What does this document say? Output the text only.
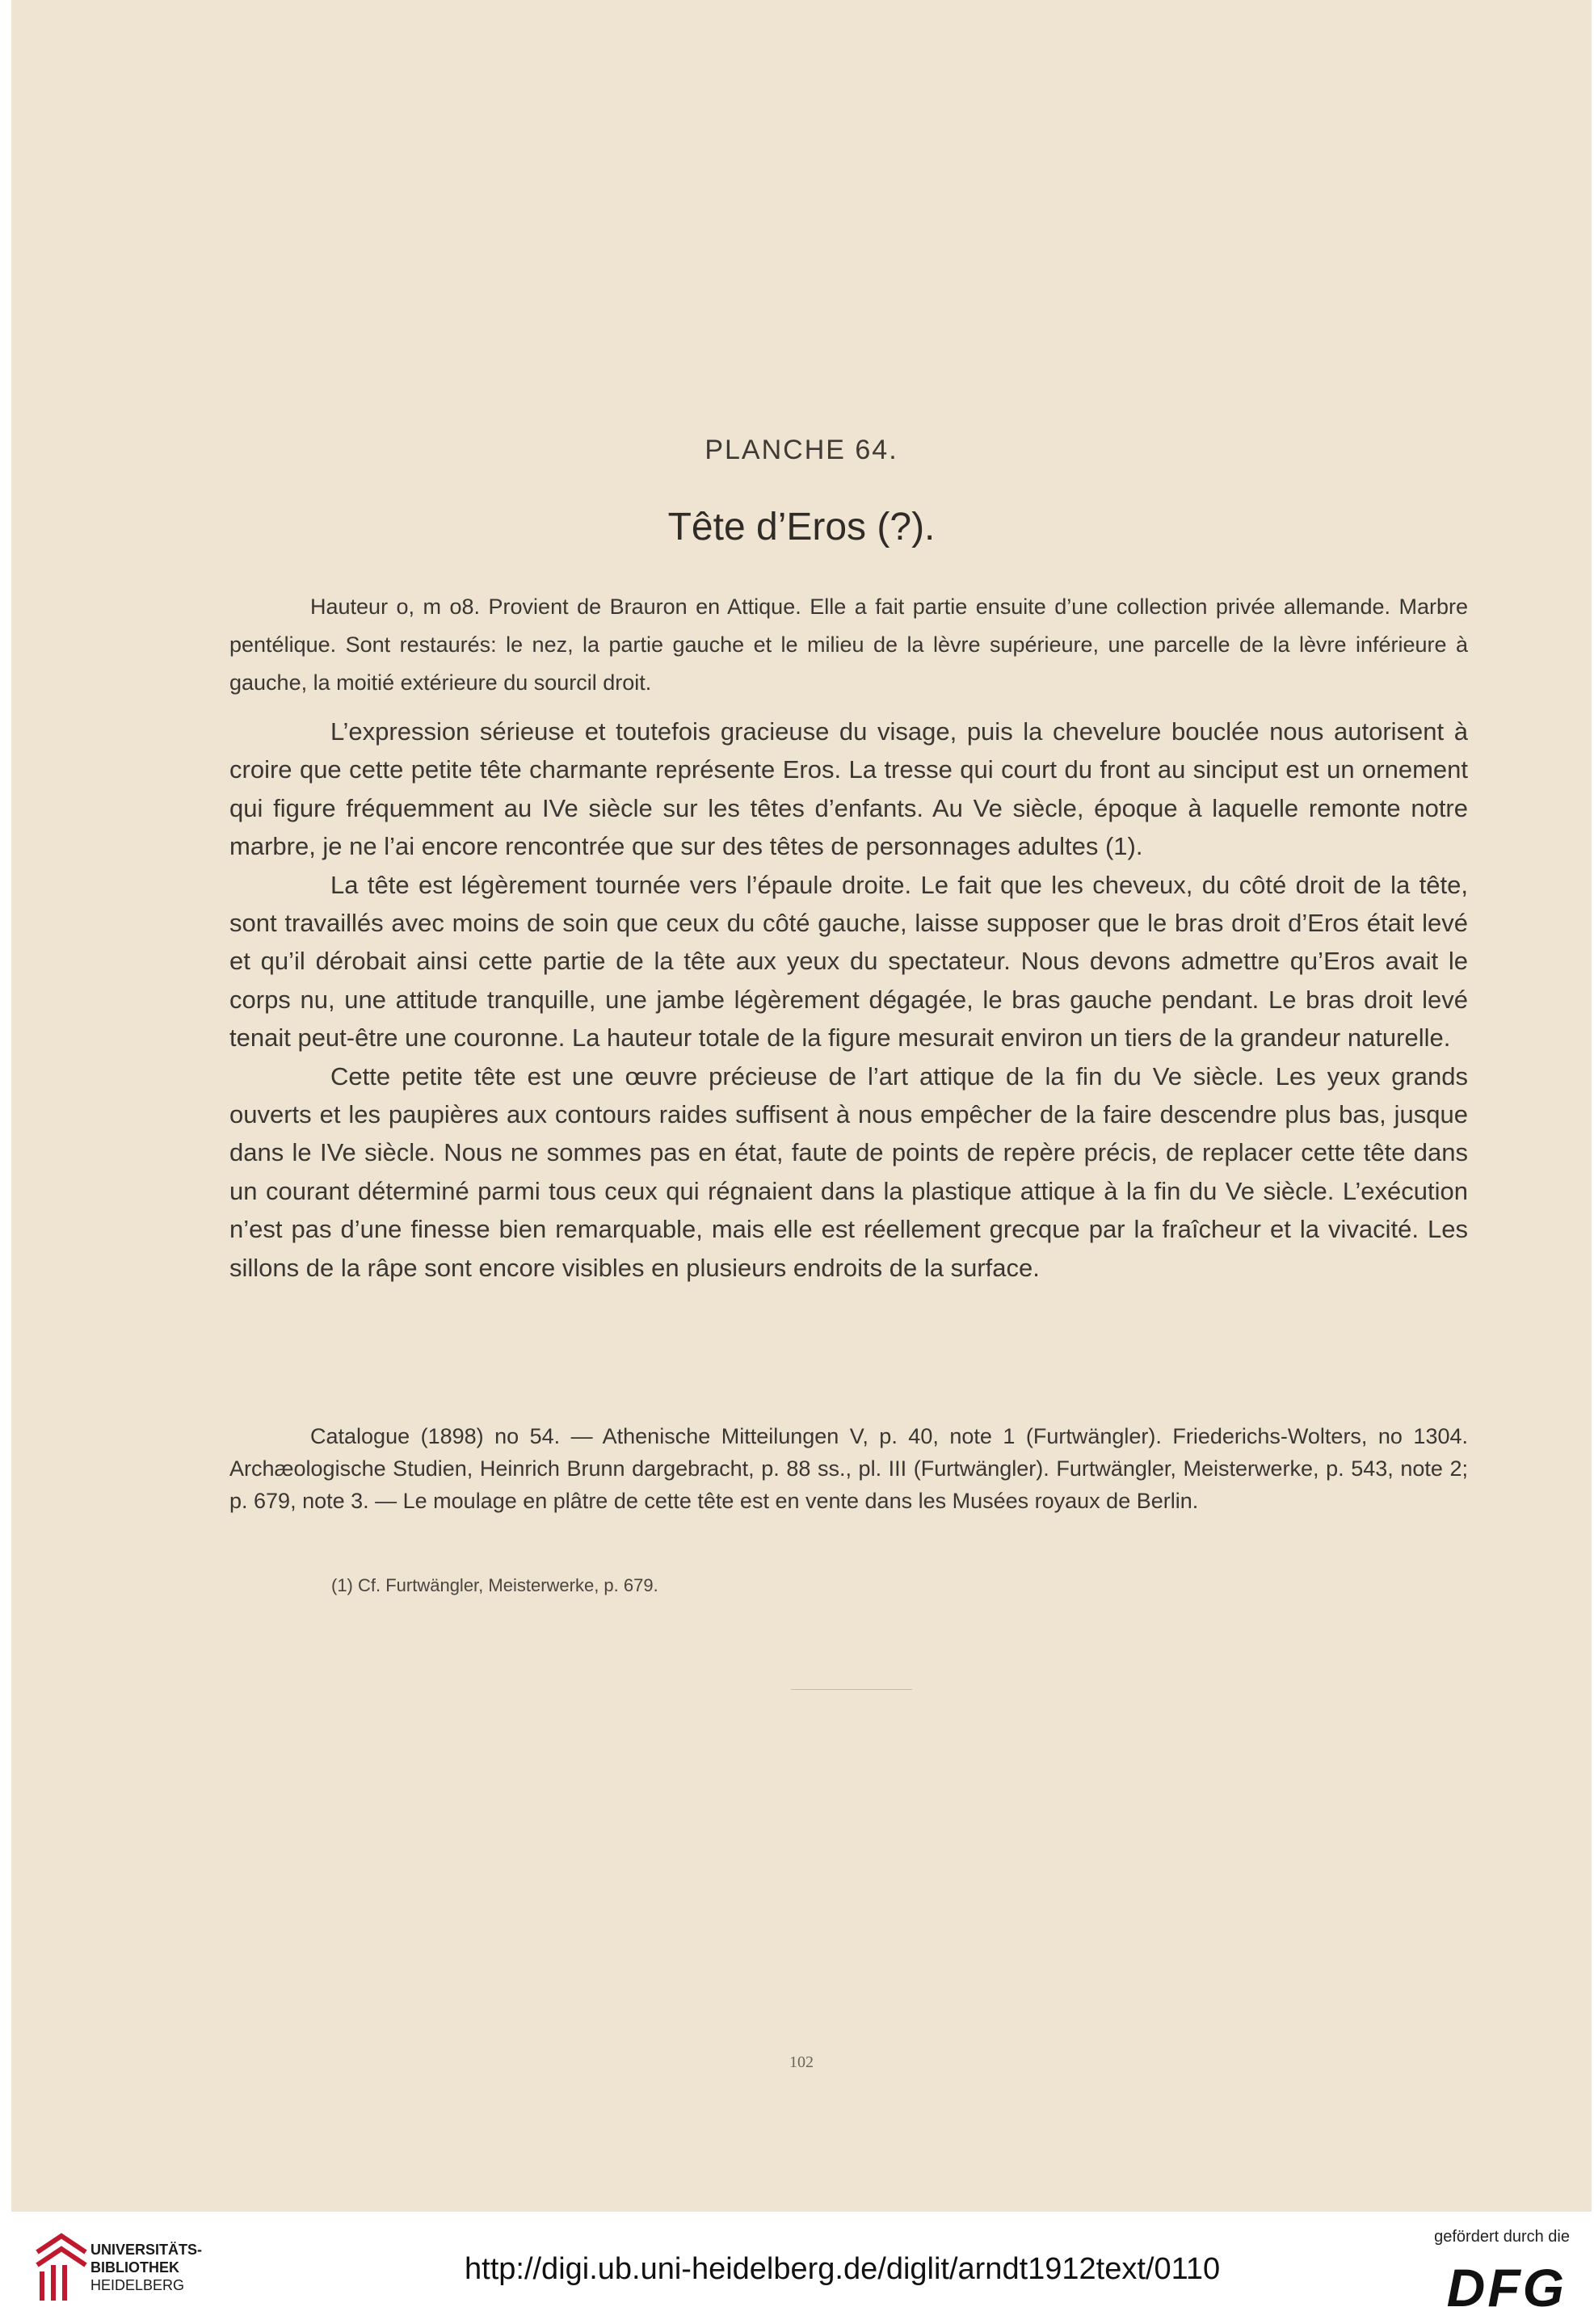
PLANCHE 64.
Tête d’Eros (?).

Hauteur o, m o8. Provient de Brauron en Attique. Elle a fait partie ensuite d’une collection privée allemande. Marbre pentélique. Sont restaurés: le nez, la partie gauche et le milieu de la lèvre supérieure, une parcelle de la lèvre inférieure à gauche, la moitié extérieure du sourcil droit.

L’expression sérieuse et toutefois gracieuse du visage, puis la chevelure bouclée nous autorisent à croire que cette petite tête charmante représente Eros. La tresse qui court du front au sinciput est un ornement qui figure fréquemment au IVe siècle sur les têtes d’enfants. Au Ve siècle, époque à laquelle remonte notre marbre, je ne l’ai encore rencontrée que sur des têtes de personnages adultes (1).

La tête est légèrement tournée vers l’épaule droite. Le fait que les cheveux, du côté droit de la tête, sont travaillés avec moins de soin que ceux du côté gauche, laisse supposer que le bras droit d’Eros était levé et qu’il dérobait ainsi cette partie de la tête aux yeux du spectateur. Nous devons admettre qu’Eros avait le corps nu, une attitude tranquille, une jambe légèrement dégagée, le bras gauche pendant. Le bras droit levé tenait peut-être une couronne. La hauteur totale de la figure mesurait environ un tiers de la grandeur naturelle.

Cette petite tête est une œuvre précieuse de l’art attique de la fin du Ve siècle. Les yeux grands ouverts et les paupières aux contours raides suffisent à nous empêcher de la faire descendre plus bas, jusque dans le IVe siècle. Nous ne sommes pas en état, faute de points de repère précis, de replacer cette tête dans un courant déterminé parmi tous ceux qui régnaient dans la plastique attique à la fin du Ve siècle. L’exécution n’est pas d’une finesse bien remarquable, mais elle est réellement grecque par la fraîcheur et la vivacité. Les sillons de la râpe sont encore visibles en plusieurs endroits de la surface.

Catalogue (1898) no 54. — Athenische Mitteilungen V, p. 40, note 1 (Furtwängler). Friederichs-Wolters, no 1304. Archæologische Studien, Heinrich Brunn dargebracht, p. 88 ss., pl. III (Furtwängler). Furtwängler, Meisterwerke, p. 543, note 2; p. 679, note 3. — Le moulage en plâtre de cette tête est en vente dans les Musées royaux de Berlin.

(1) Cf. Furtwängler, Meisterwerke, p. 679.
102
UNIVERSITÄTS-
BIBLIOTHEK
HEIDELBERG	http://digi.ub.uni-heidelberg.de/diglit/arndt1912text/0110
gefördert durch die
DFG
